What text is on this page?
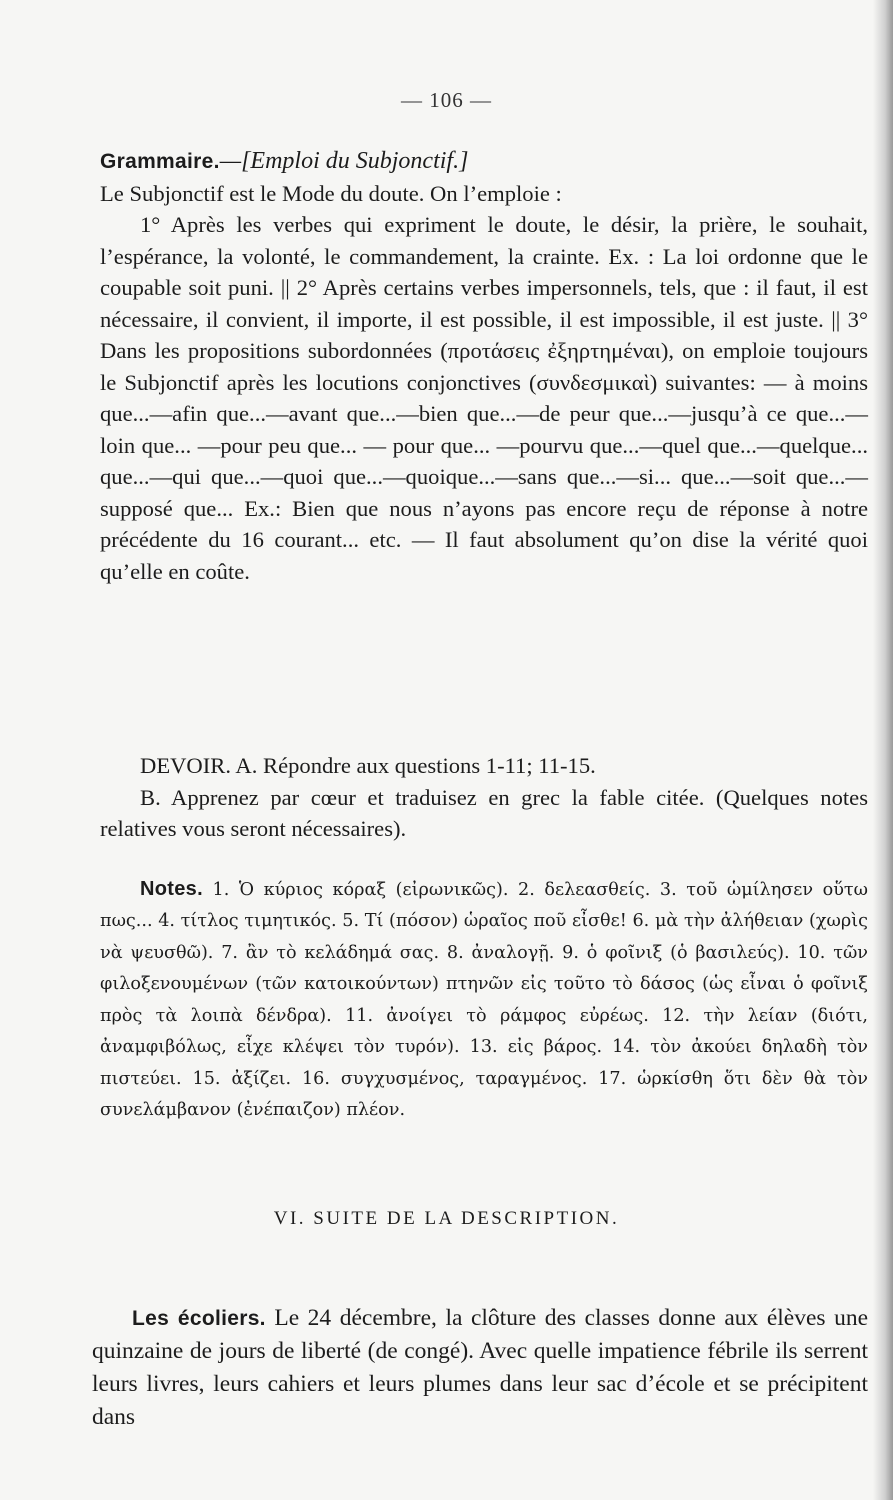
— 106 —

Grammaire.—[Emploi du Subjonctif.]

Le Subjonctif est le Mode du doute. On l’emploie :

1° Après les verbes qui expriment le doute, le désir, la prière, le souhait, l’espérance, la volonté, le commandement, la crainte. Ex. : La loi ordonne que le coupable soit puni. || 2° Après certains verbes impersonnels, tels, que : il faut, il est nécessaire, il convient, il importe, il est possible, il est impossible, il est juste. || 3° Dans les propositions subordonnées (προτάσεις ἐξηρτημέναι), on emploie toujours le Subjonctif après les locutions conjonctives (συνδεσμικαὶ) suivantes: — à moins que...—afin que...—avant que...—bien que...—de peur que...—jusqu’à ce que...—loin que... —pour peu que... — pour que... —pourvu que...—quel que...—quelque... que...—qui que...—quoi que...—quoique...—sans que...—si... que...—soit que...—supposé que... Ex.: Bien que nous n’ayons pas encore reçu de réponse à notre précédente du 16 courant... etc. — Il faut absolument qu’on dise la vérité quoi qu’elle en coûte.

DEVOIR. A. Répondre aux questions 1-11; 11-15.

B. Apprenez par cœur et traduisez en grec la fable citée. (Quelques notes relatives vous seront nécessaires).

Notes. 1. Ὁ κύριος κόραξ (εἰρωνικῶς). 2. δελεασθείς. 3. τοῦ ὡμίλησεν οὕτω πως... 4. τίτλος τιμητικός. 5. Τί (πόσον) ὡραῖος ποῦ εἶσθε! 6. μὰ τὴν ἀλήθειαν (χωρὶς νὰ ψευσθῶ). 7. ἂν τὸ κελάδημά σας. 8. ἀναλογῇ. 9. ὁ φοῖνιξ (ὁ βασιλεύς). 10. τῶν φιλοξενουμένων (τῶν κατοικούντων) πτηνῶν εἰς τοῦτο τὸ δάσος (ὡς εἶναι ὁ φοῖνιξ πρὸς τὰ λοιπὰ δένδρα). 11. ἀνοίγει τὸ ράμφος εὐρέως. 12. τὴν λείαν (διότι, ἀναμφιβόλως, εἶχε κλέψει τὸν τυρόν). 13. εἰς βάρος. 14. τὸν ἀκούει δηλαδὴ τὸν πιστεύει. 15. ἀξίζει. 16. συγχυσμένος, ταραγμένος. 17. ὡρκίσθη ὅτι δὲν θὰ τὸν συνελάμβανον (ἐνέπαιζον) πλέον.

VI. SUITE DE LA DESCRIPTION.

Les écoliers. Le 24 décembre, la clôture des classes donne aux élèves une quinzaine de jours de liberté (de congé). Avec quelle impatience fébrile ils serrent leurs livres, leurs cahiers et leurs plumes dans leur sac d’école et se précipitent dans
